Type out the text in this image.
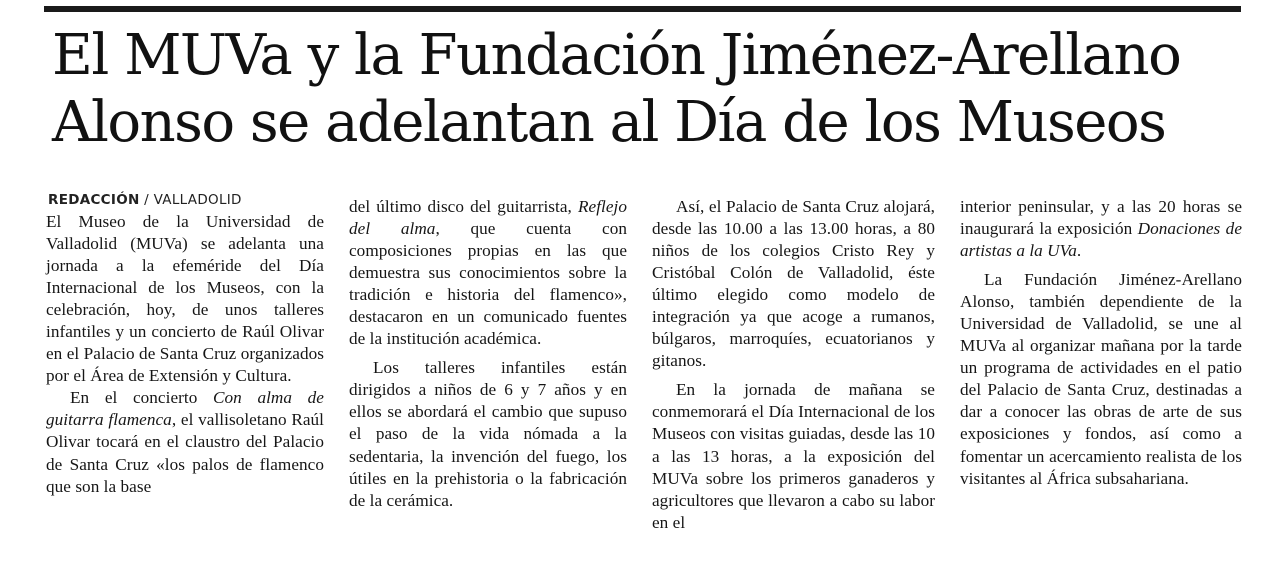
El MUVa y la Fundación Jiménez-Arellano
Alonso se adelantan al Día de los Museos
REDACCIÓN / VALLADOLID

El Museo de la Universidad de Valladolid (MUVa) se adelanta una jornada a la efeméride del Día Internacional de los Museos, con la celebración, hoy, de unos talleres infantiles y un concierto de Raúl Olivar en el Palacio de Santa Cruz organizados por el Área de Extensión y Cultura.

En el concierto Con alma de guitarra flamenca, el vallisoletano Raúl Olivar tocará en el claustro del Palacio de Santa Cruz «los palos de flamenco que son la base

del último disco del guitarrista, Reflejo del alma, que cuenta con composiciones propias en las que demuestra sus conocimientos sobre la tradición e historia del flamenco», destacaron en un comunicado fuentes de la institución académica.

Los talleres infantiles están dirigidos a niños de 6 y 7 años y en ellos se abordará el cambio que supuso el paso de la vida nómada a la sedentaria, la invención del fuego, los útiles en la prehistoria o la fabricación de la cerámica.

Así, el Palacio de Santa Cruz alojará, desde las 10.00 a las 13.00 horas, a 80 niños de los colegios Cristo Rey y Cristóbal Colón de Valladolid, éste último elegido como modelo de integración ya que acoge a rumanos, búlgaros, marroquíes, ecuatorianos y gitanos.

En la jornada de mañana se conmemorará el Día Internacional de los Museos con visitas guiadas, desde las 10 a las 13 horas, a la exposición del MUVa sobre los primeros ganaderos y agricultores que llevaron a cabo su labor en el

interior peninsular, y a las 20 horas se inaugurará la exposición Donaciones de artistas a la UVa.

La Fundación Jiménez-Arellano Alonso, también dependiente de la Universidad de Valladolid, se une al MUVa al organizar mañana por la tarde un programa de actividades en el patio del Palacio de Santa Cruz, destinadas a dar a conocer las obras de arte de sus exposiciones y fondos, así como a fomentar un acercamiento realista de los visitantes al África subsahariana.
